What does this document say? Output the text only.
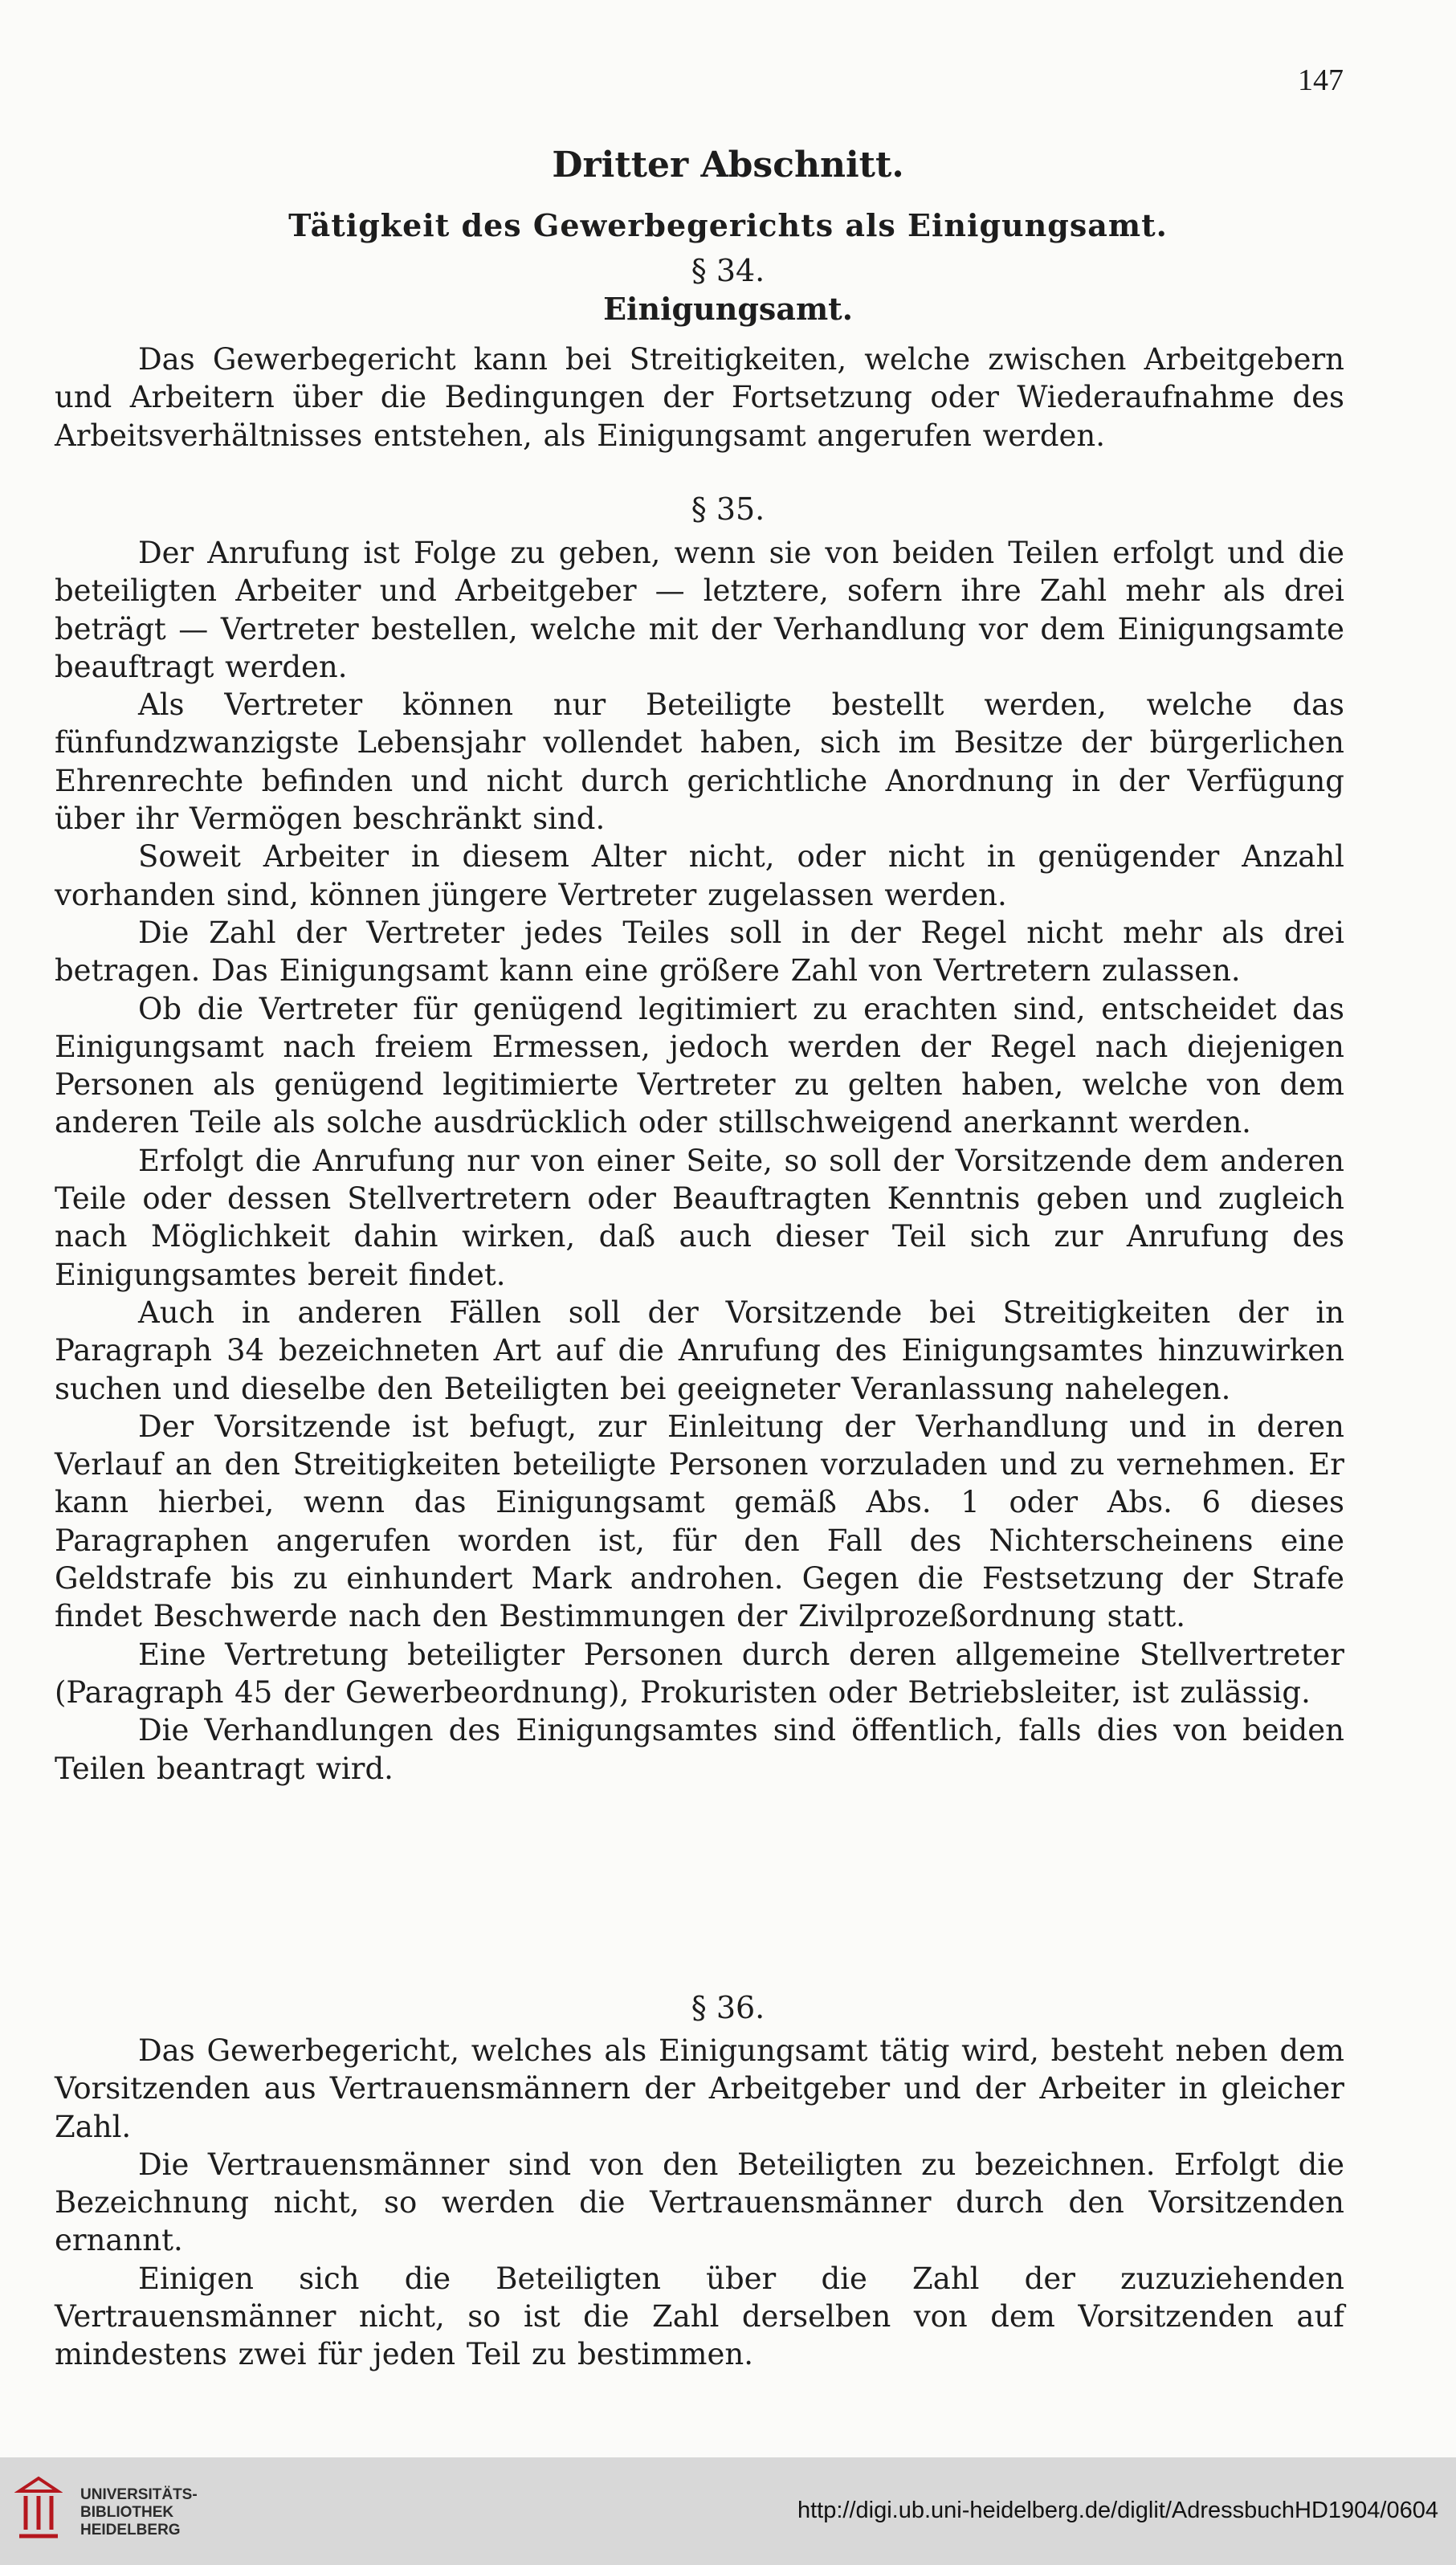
147
Dritter Abschnitt.
Tätigkeit des Gewerbegerichts als Einigungsamt.
§ 34.
Einigungsamt.

Das Gewerbegericht kann bei Streitigkeiten, welche zwischen Arbeitgebern und Arbeitern über die Bedingungen der Fortsetzung oder Wiederaufnahme des Arbeitsverhältnisses entstehen, als Einigungsamt angerufen werden.

§ 35.

Der Anrufung ist Folge zu geben, wenn sie von beiden Teilen erfolgt und die beteiligten Arbeiter und Arbeitgeber — letztere, sofern ihre Zahl mehr als drei beträgt — Vertreter bestellen, welche mit der Verhandlung vor dem Einigungsamte beauftragt werden.

Als Vertreter können nur Beteiligte bestellt werden, welche das fünfundzwanzigste Lebensjahr vollendet haben, sich im Besitze der bürgerlichen Ehrenrechte befinden und nicht durch gerichtliche Anordnung in der Verfügung über ihr Vermögen beschränkt sind.

Soweit Arbeiter in diesem Alter nicht, oder nicht in genügender Anzahl vorhanden sind, können jüngere Vertreter zugelassen werden.

Die Zahl der Vertreter jedes Teiles soll in der Regel nicht mehr als drei betragen. Das Einigungsamt kann eine größere Zahl von Vertretern zulassen.

Ob die Vertreter für genügend legitimiert zu erachten sind, entscheidet das Einigungsamt nach freiem Ermessen, jedoch werden der Regel nach diejenigen Personen als genügend legitimierte Vertreter zu gelten haben, welche von dem anderen Teile als solche ausdrücklich oder stillschweigend anerkannt werden.

Erfolgt die Anrufung nur von einer Seite, so soll der Vorsitzende dem anderen Teile oder dessen Stellvertretern oder Beauftragten Kenntnis geben und zugleich nach Möglichkeit dahin wirken, daß auch dieser Teil sich zur Anrufung des Einigungsamtes bereit findet.

Auch in anderen Fällen soll der Vorsitzende bei Streitigkeiten der in Paragraph 34 bezeichneten Art auf die Anrufung des Einigungsamtes hinzuwirken suchen und dieselbe den Beteiligten bei geeigneter Veranlassung nahelegen.

Der Vorsitzende ist befugt, zur Einleitung der Verhandlung und in deren Verlauf an den Streitigkeiten beteiligte Personen vorzuladen und zu vernehmen. Er kann hierbei, wenn das Einigungsamt gemäß Abs. 1 oder Abs. 6 dieses Paragraphen angerufen worden ist, für den Fall des Nichterscheinens eine Geldstrafe bis zu einhundert Mark androhen. Gegen die Festsetzung der Strafe findet Beschwerde nach den Bestimmungen der Zivilprozeßordnung statt.

Eine Vertretung beteiligter Personen durch deren allgemeine Stellvertreter (Paragraph 45 der Gewerbeordnung), Prokuristen oder Betriebsleiter, ist zulässig.

Die Verhandlungen des Einigungsamtes sind öffentlich, falls dies von beiden Teilen beantragt wird.

§ 36.

Das Gewerbegericht, welches als Einigungsamt tätig wird, besteht neben dem Vorsitzenden aus Vertrauensmännern der Arbeitgeber und der Arbeiter in gleicher Zahl.

Die Vertrauensmänner sind von den Beteiligten zu bezeichnen. Erfolgt die Bezeichnung nicht, so werden die Vertrauensmänner durch den Vorsitzenden ernannt.

Einigen sich die Beteiligten über die Zahl der zuzuziehenden Vertrauensmänner nicht, so ist die Zahl derselben von dem Vorsitzenden auf mindestens zwei für jeden Teil zu bestimmen.

UNIVERSITÄTS-
BIBLIOTHEK
HEIDELBERG
http://digi.ub.uni-heidelberg.de/diglit/AdressbuchHD1904/0604
